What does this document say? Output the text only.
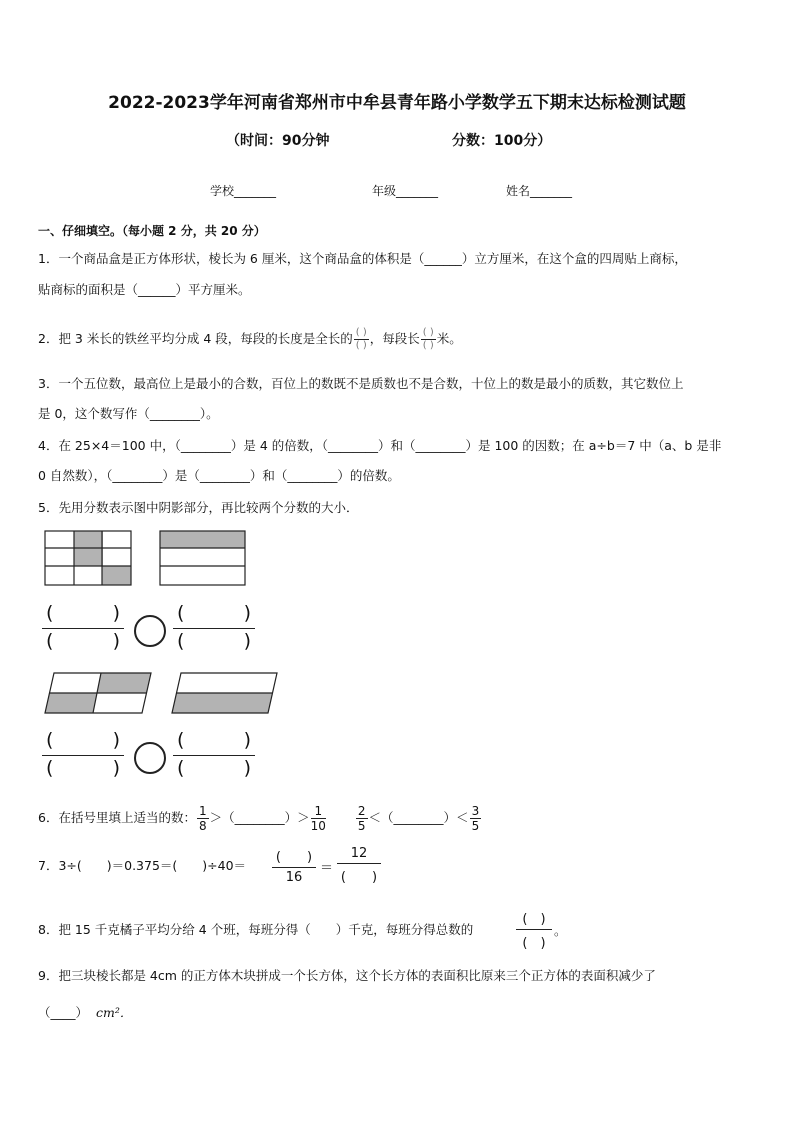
2022-2023学年河南省郑州市中牟县青年路小学数学五下期末达标检测试题
（时间：90分钟	分数：100分）
学校_______	年级_______	姓名_______
一、仔细填空。（每小题 2 分，共 20 分）
1．一个商品盒是正方体形状，棱长为 6 厘米，这个商品盒的体积是（______）立方厘米，在这个盒的四周贴上商标，
贴商标的面积是（______）平方厘米。
2．把 3 米长的铁丝平均分成 4 段，每段的长度是全长的 $\frac{( )}{( )}$ ，每段长 $\frac{( )}{( )}$ 米。
3．一个五位数，最高位上是最小的合数，百位上的数既不是质数也不是合数，十位上的数是最小的质数，其它数位上
是 0，这个数写作（________）。
4．在 25×4＝100 中，（________）是 4 的倍数，（________）和（________）是 100 的因数；在 a÷b＝7 中（a、b 是非
0 自然数），（________）是（________）和（________）的倍数。
5．先用分数表示图中阴影部分，再比较两个分数的大小．
(	)
(	)
(	)
(	)
(	)
(	)
(	)
(	)
6．在括号里填上适当的数： $\frac{1}{8}$ ＞（________）＞ $\frac{1}{10}$	$\frac{2}{5}$ ＜（________）＜ $\frac{3}{5}$
7．3÷(　　)＝0.375＝(　　)÷40＝
(　　)
16
＝
12
(　　)
8．把 15 千克橘子平均分给 4 个班，每班分得（　　）千克，每班分得总数的
(　)
(　)
。
9．把三块棱长都是 4cm 的正方体木块拼成一个长方体，这个长方体的表面积比原来三个正方体的表面积减少了
（____） cm²．
